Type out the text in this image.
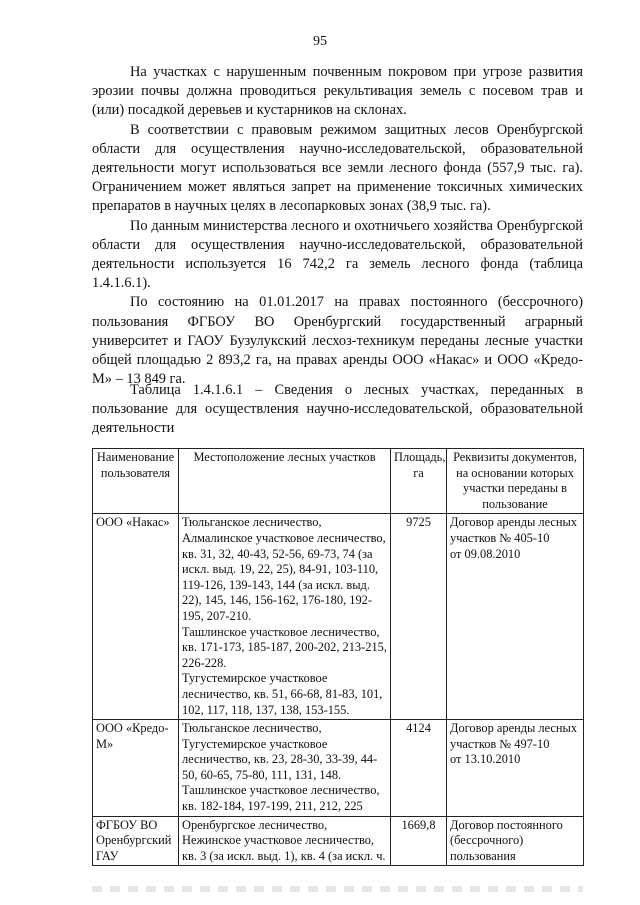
95

На участках с нарушенным почвенным покровом при угрозе развития эрозии почвы должна проводиться рекультивация земель с посевом трав и (или) посадкой деревьев и кустарников на склонах.

В соответствии с правовым режимом защитных лесов Оренбургской области для осуществления научно-исследовательской, образовательной деятельности могут использоваться все земли лесного фонда (557,9 тыс. га). Ограничением может являться запрет на применение токсичных химических препаратов в научных целях в лесопарковых зонах (38,9 тыс. га).

По данным министерства лесного и охотничьего хозяйства Оренбургской области для осуществления научно-исследовательской, образовательной деятельности используется 16 742,2 га земель лесного фонда (таблица 1.4.1.6.1).

По состоянию на 01.01.2017 на правах постоянного (бессрочного) пользования ФГБОУ ВО Оренбургский государственный аграрный университет и ГАОУ Бузулукский лесхоз-техникум переданы лесные участки общей площадью 2 893,2 га, на правах аренды ООО «Накас» и ООО «Кредо-М» – 13 849 га.

Таблица 1.4.1.6.1 – Сведения о лесных участках, переданных в пользование для осуществления научно-исследовательской, образовательной деятельности

Наименование пользователя	Местоположение лесных участков	Площадь, га	Реквизиты документов, на основании которых участки переданы в пользование
ООО «Накас»	Тюльганское лесничество,
Алмалинское участковое лесничество, кв. 31, 32, 40-43, 52-56, 69-73, 74 (за искл. выд. 19, 22, 25), 84-91, 103-110, 119-126, 139-143, 144 (за искл. выд. 22), 145, 146, 156-162, 176-180, 192-195, 207-210.
Ташлинское участковое лесничество, кв. 171-173, 185-187, 200-202, 213-215, 226-228.
Тугустемирское участковое лесничество, кв. 51, 66-68, 81-83, 101, 102, 117, 118, 137, 138, 153-155.	9725	Договор аренды лесных участков № 405-10
от 09.08.2010

ООО «Кредо-М»	Тюльганское лесничество,
Тугустемирское участковое лесничество, кв. 23, 28-30, 33-39, 44-50, 60-65, 75-80, 111, 131, 148.
Ташлинское участковое лесничество, кв. 182-184, 197-199, 211, 212, 225	4124	Договор аренды лесных участков № 497-10
от 13.10.2010

ФГБОУ ВО Оренбургский ГАУ	Оренбургское лесничество,
Нежинское участковое лесничество, кв. 3 (за искл. выд. 1), кв. 4 (за искл. ч.	1669,8	Договор постоянного (бессрочного) пользования
